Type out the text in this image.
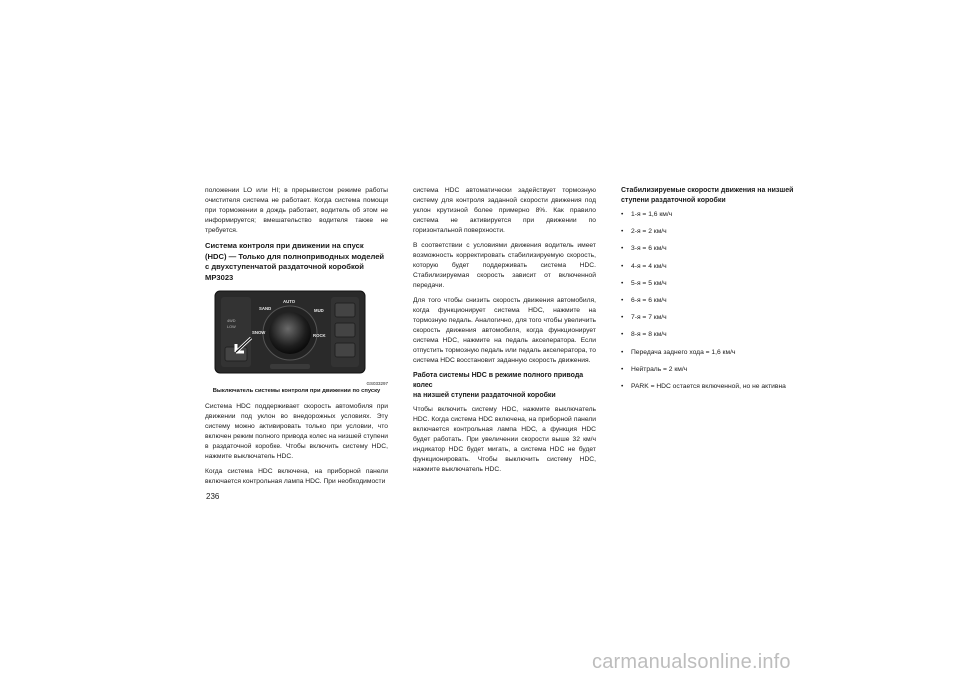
положении LO или HI; в прерывистом режиме работы очистителя система не работает. Когда система помощи при торможении в дождь работает, водитель об этом не информируется; вмешательство водителя также не требуется.

Система контроля при движении на спуск
(HDC) — Только для полноприводных моделей
с двухступенчатой раздаточной коробкой MP3023
SAND
AUTO
MUD
4WD
LOW
SNOW
ROCK
GS033297
Выключатель системы контроля при движении по спуску

Система HDC поддерживает скорость автомобиля при движении под уклон во внедорожных условиях. Эту систему можно активировать только при условии, что включен режим полного привода колес на низшей ступени в раздаточной коробке. Чтобы включить систему HDC, нажмите выключатель HDC.

Когда система HDC включена, на приборной панели включается контрольная лампа HDC. При необходимости

система HDC автоматически задействует тормозную систему для контроля заданной скорости движения под уклон крутизной более примерно 8%. Как правило система не активируется при движении по горизонтальной поверхности.

В соответствии с условиями движения водитель имеет возможность корректировать стабилизируемую скорость, которую будет поддерживать система HDC. Стабилизируемая скорость зависит от включенной передачи.

Для того чтобы снизить скорость движения автомобиля, когда функционирует система HDC, нажмите на тормозную педаль. Аналогично, для того чтобы увеличить скорость движения автомобиля, когда функционирует система HDC, нажмите на педаль акселератора. Если отпустить тормозную педаль или педаль акселератора, то система HDC восстановит заданную скорость движения.

Работа системы HDC в режиме полного привода колес
на низшей ступени раздаточной коробки

Чтобы включить систему HDC, нажмите выключатель HDC. Когда система HDC включена, на приборной панели включается контрольная лампа HDC, а функция HDC будет работать. При увеличении скорости выше 32 км/ч индикатор HDC будет мигать, а система HDC не будет функционировать. Чтобы выключить систему HDC, нажмите выключатель HDC.

Стабилизируемые скорости движения на низшей
ступени раздаточной коробки
• 1-я = 1,6 км/ч
• 2-я = 2 км/ч
• 3-я = 6 км/ч
• 4-я = 4 км/ч
• 5-я = 5 км/ч
• 6-я = 6 км/ч
• 7-я = 7 км/ч
• 8-я = 8 км/ч
• Передача заднего хода = 1,6 км/ч
• Нейтраль = 2 км/ч
• PARK = HDC остается включенной, но не активна
236
carmanualsonline.info
